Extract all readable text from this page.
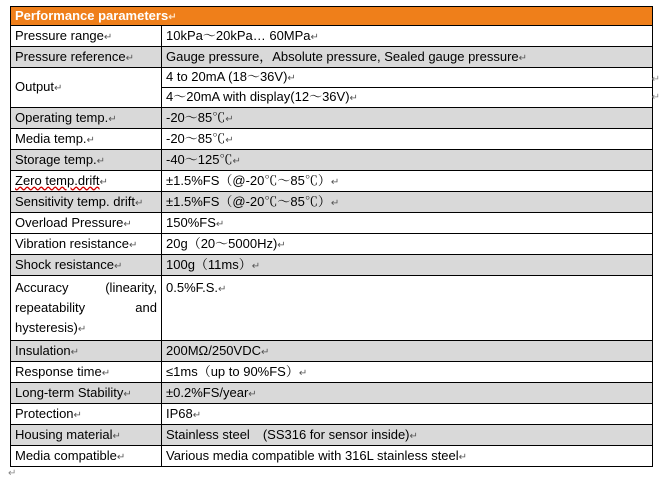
Performance parameters↵
Pressure range↵	10kPa～20kPa… 60MPa↵
Pressure reference↵	Gauge pressure，Absolute pressure, Sealed gauge pressure↵
Output↵	4 to 20mA (18～36V)↵
	4～20mA with display(12～36V)↵
Operating temp.↵	-20～85℃↵
Media temp.↵	-20～85℃↵
Storage temp.↵	-40～125℃↵
Zero temp.drift↵	±1.5%FS（@-20℃～85℃）↵
Sensitivity temp. drift↵	±1.5%FS（@-20℃～85℃）↵
Overload Pressure↵	150%FS↵
Vibration resistance↵	20g（20～5000Hz)↵
Shock resistance↵	100g（11ms）↵
Accuracy (linearity, repeatability and hysteresis)↵	0.5%F.S.↵
Insulation↵	200MΩ/250VDC↵
Response time↵	≤1ms（up to 90%FS）↵
Long-term Stability↵	±0.2%FS/year↵
Protection↵	IP68↵
Housing material↵	Stainless steel　(SS316 for sensor inside)↵
Media compatible↵	Various media compatible with 316L stainless steel↵
↵
↵
↵
